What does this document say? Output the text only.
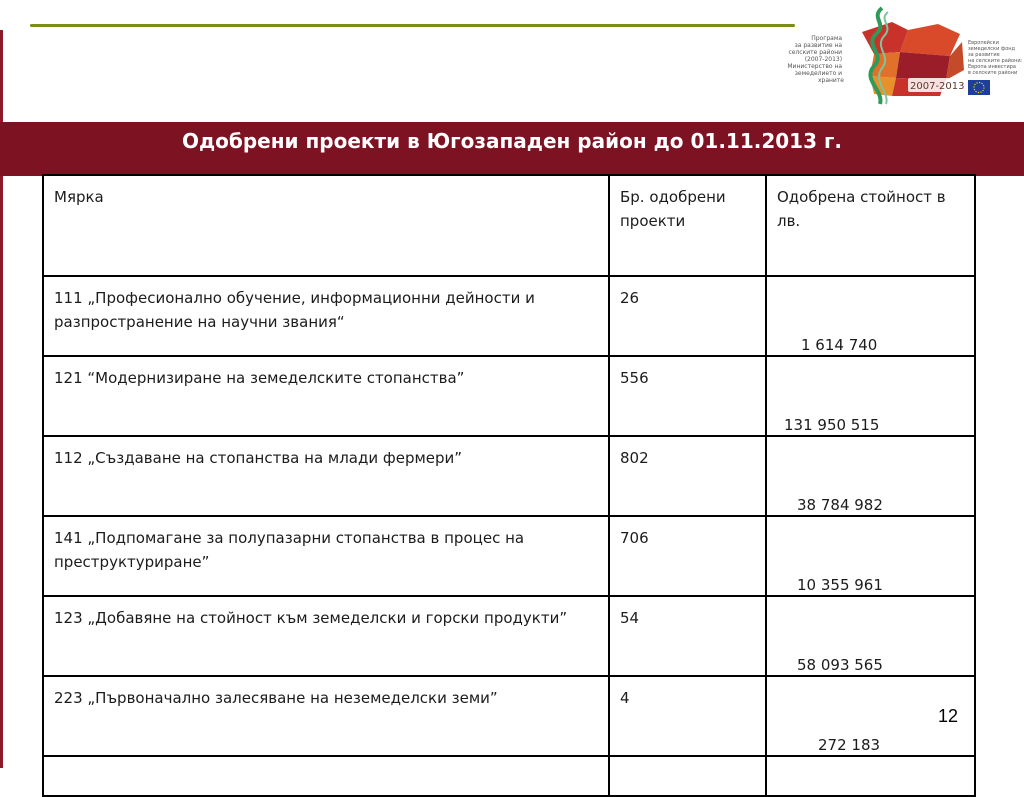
Програма за развитие на селските райони (2007-2013) Министерство на земеделието и храните
2007-2013
Европейски земеделски фонд за развитие на селските райони: Европа инвестира в селските райони
Одобрени проекти в Югозападен район до 01.11.2013 г.
Мярка	Бр. одобрени проекти	Одобрена стойност в лв.

111 „Професионално обучение, информационни дейности и разпространение на научни звания“	26	1 614 740

121 “Модернизиране на земеделските стопанства”	556	131 950 515

112 „Създаване на стопанства на млади фермери”	802	38 784 982

141 „Подпомагане за полупазарни стопанства в процес на преструктуриране”	706	10 355 961

123 „Добавяне на стойност към земеделски и горски продукти”	54	58 093 565

223 „Първоначално залесяване на неземеделски земи”	4	272 183

12
